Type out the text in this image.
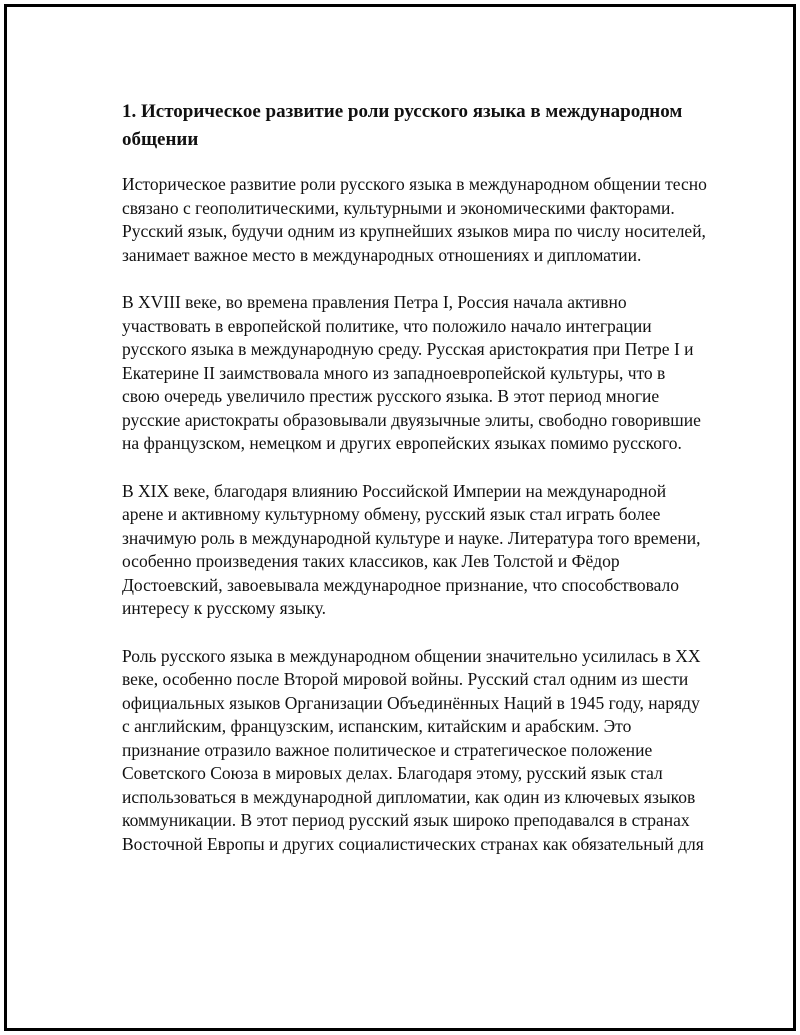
1. Историческое развитие роли русского языка в международном общении

Историческое развитие роли русского языка в международном общении тесно связано с геополитическими, культурными и экономическими факторами. Русский язык, будучи одним из крупнейших языков мира по числу носителей, занимает важное место в международных отношениях и дипломатии.

В XVIII веке, во времена правления Петра I, Россия начала активно участвовать в европейской политике, что положило начало интеграции русского языка в международную среду. Русская аристократия при Петре I и Екатерине II заимствовала много из западноевропейской культуры, что в свою очередь увеличило престиж русского языка. В этот период многие русские аристократы образовывали двуязычные элиты, свободно говорившие на французском, немецком и других европейских языках помимо русского.

В XIX веке, благодаря влиянию Российской Империи на международной арене и активному культурному обмену, русский язык стал играть более значимую роль в международной культуре и науке. Литература того времени, особенно произведения таких классиков, как Лев Толстой и Фёдор Достоевский, завоевывала международное признание, что способствовало интересу к русскому языку.

Роль русского языка в международном общении значительно усилилась в XX веке, особенно после Второй мировой войны. Русский стал одним из шести официальных языков Организации Объединённых Наций в 1945 году, наряду с английским, французским, испанским, китайским и арабским. Это признание отразило важное политическое и стратегическое положение Советского Союза в мировых делах. Благодаря этому, русский язык стал использоваться в международной дипломатии, как один из ключевых языков коммуникации. В этот период русский язык широко преподавался в странах Восточной Европы и других социалистических странах как обязательный для
